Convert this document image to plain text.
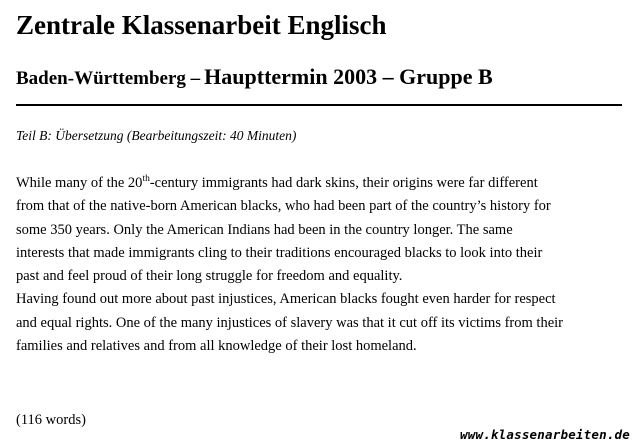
Zentrale Klassenarbeit Englisch
Baden-Württemberg – Haupttermin 2003 – Gruppe B
Teil B: Übersetzung (Bearbeitungszeit: 40 Minuten)
While many of the 20th-century immigrants had dark skins, their origins were far different
from that of the native-born American blacks, who had been part of the country’s history for
some 350 years. Only the American Indians had been in the country longer. The same
interests that made immigrants cling to their traditions encouraged blacks to look into their
past and feel proud of their long struggle for freedom and equality.
Having found out more about past injustices, American blacks fought even harder for respect
and equal rights. One of the many injustices of slavery was that it cut off its victims from their
families and relatives and from all knowledge of their lost homeland.
(116 words)
www.klassenarbeiten.de
